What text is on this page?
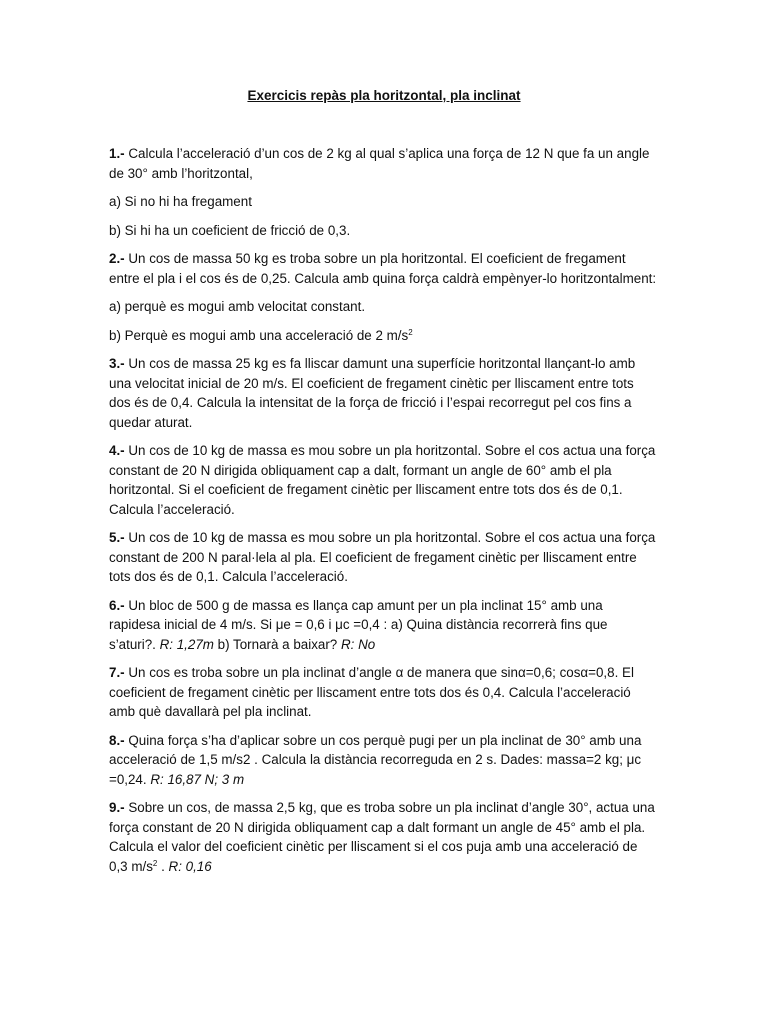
Exercicis repàs pla horitzontal, pla inclinat

1.- Calcula l’acceleració d’un cos de 2 kg al qual s’aplica una força de 12 N que fa un angle de 30° amb l’horitzontal,

a) Si no hi ha fregament

b) Si hi ha un coeficient de fricció de 0,3.

2.- Un cos de massa 50 kg es troba sobre un pla horitzontal. El coeficient de fregament entre el pla i el cos és de 0,25. Calcula amb quina força caldrà empènyer-lo horitzontalment:

a) perquè es mogui amb velocitat constant.

b) Perquè es mogui amb una acceleració de 2 $m/s^2$

3.- Un cos de massa 25 kg es fa lliscar damunt una superfície horitzontal llançant-lo amb una velocitat inicial de 20 m/s. El coeficient de fregament cinètic per lliscament entre tots dos és de 0,4. Calcula la intensitat de la força de fricció i l’espai recorregut pel cos fins a quedar aturat.

4.- Un cos de 10 kg de massa es mou sobre un pla horitzontal. Sobre el cos actua una força constant de 20 N dirigida obliquament cap a dalt, formant un angle de 60° amb el pla horitzontal. Si el coeficient de fregament cinètic per lliscament entre tots dos és de 0,1. Calcula l’acceleració.

5.- Un cos de 10 kg de massa es mou sobre un pla horitzontal. Sobre el cos actua una força constant de 200 N paral·lela al pla. El coeficient de fregament cinètic per lliscament entre tots dos és de 0,1. Calcula l’acceleració.

6.- Un bloc de 500 g de massa es llança cap amunt per un pla inclinat 15° amb una rapidesa inicial de 4 m/s. Si μe = 0,6 i μc =0,4 : a) Quina distància recorrerà fins que s’aturi?. R: 1,27m b) Tornarà a baixar? R: No

7.- Un cos es troba sobre un pla inclinat d’angle α de manera que sinα=0,6; cosα=0,8. El coeficient de fregament cinètic per lliscament entre tots dos és 0,4. Calcula l’acceleració amb què davallarà pel pla inclinat.

8.- Quina força s’ha d’aplicar sobre un cos perquè pugi per un pla inclinat de 30° amb una acceleració de 1,5 m/s2 . Calcula la distància recorreguda en 2 s. Dades: massa=2 kg; μc =0,24. R: 16,87 N; 3 m

9.- Sobre un cos, de massa 2,5 kg, que es troba sobre un pla inclinat d’angle 30°, actua una força constant de 20 N dirigida obliquament cap a dalt formant un angle de 45° amb el pla. Calcula el valor del coeficient cinètic per lliscament si el cos puja amb una acceleració de 0,3 $m/s^2$ . R: 0,16
